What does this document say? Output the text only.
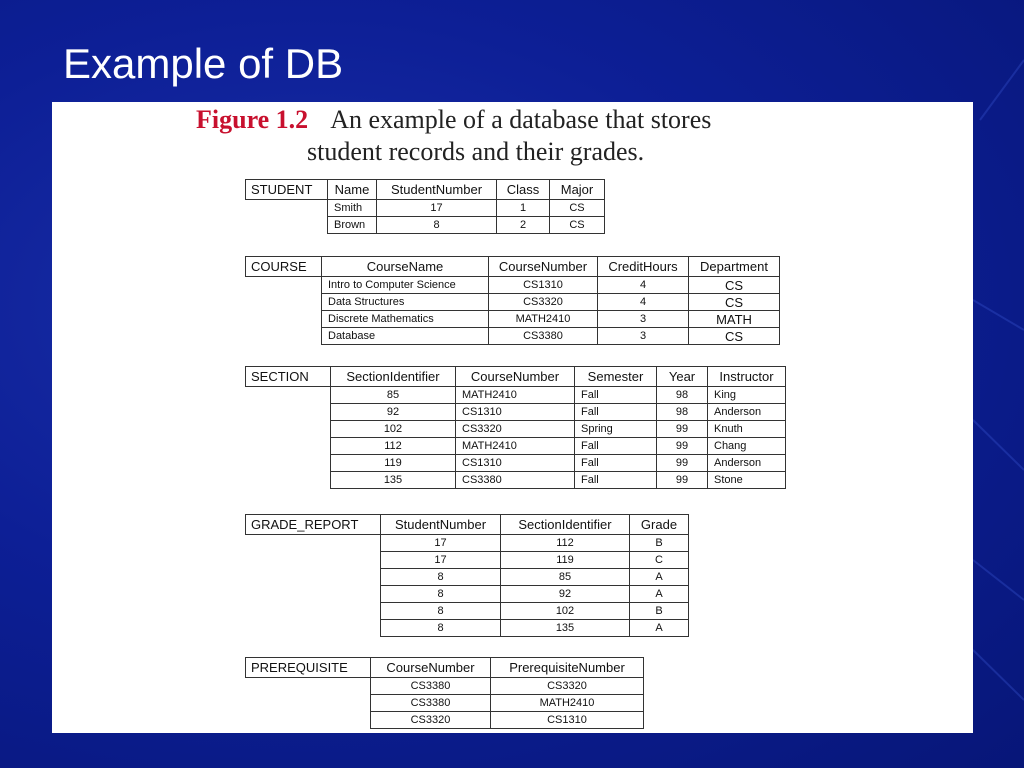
Example of DB
Figure 1.2 An example of a database that stores
student records and their grades.
STUDENT	Name	StudentNumber	Class	Major
	Smith	17	1	CS
	Brown	8	2	CS
COURSE	CourseName	CourseNumber	CreditHours	Department
	Intro to Computer Science	CS1310	4	CS
	Data Structures	CS3320	4	CS
	Discrete Mathematics	MATH2410	3	MATH
	Database	CS3380	3	CS
SECTION	SectionIdentifier	CourseNumber	Semester	Year	Instructor
	85	MATH2410	Fall	98	King
	92	CS1310	Fall	98	Anderson
	102	CS3320	Spring	99	Knuth
	112	MATH2410	Fall	99	Chang
	119	CS1310	Fall	99	Anderson
	135	CS3380	Fall	99	Stone
GRADE_REPORT	StudentNumber	SectionIdentifier	Grade
	17	112	B
	17	119	C
	8	85	A
	8	92	A
	8	102	B
	8	135	A
PREREQUISITE	CourseNumber	PrerequisiteNumber
	CS3380	CS3320
	CS3380	MATH2410
	CS3320	CS1310
